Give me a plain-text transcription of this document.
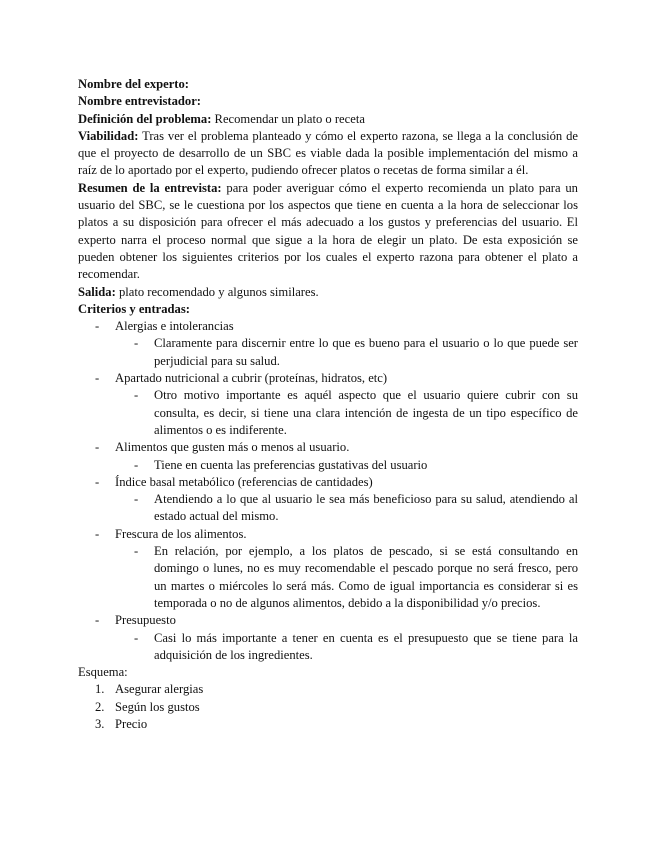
Nombre del experto:

Nombre entrevistador:

Definición del problema: Recomendar un plato o receta

Viabilidad: Tras ver el problema planteado y cómo el experto razona, se llega a la conclusión de que el proyecto de desarrollo de un SBC es viable dada la posible implementación del mismo a raíz de lo aportado por el experto, pudiendo ofrecer platos o recetas de forma similar a él.

Resumen de la entrevista: para poder averiguar cómo el experto recomienda un plato para un usuario del SBC, se le cuestiona por los aspectos que tiene en cuenta a la hora de seleccionar los platos a su disposición para ofrecer el más adecuado a los gustos y preferencias del usuario. El experto narra el proceso normal que sigue a la hora de elegir un plato. De esta exposición se pueden obtener los siguientes criterios por los cuales el experto razona para obtener el plato a recomendar.

Salida: plato recomendado y algunos similares.

Criterios y entradas:

- Alergias e intolerancias
- Claramente para discernir entre lo que es bueno para el usuario o lo que puede ser perjudicial para su salud.
- Apartado nutricional a cubrir (proteínas, hidratos, etc)
- Otro motivo importante es aquél aspecto que el usuario quiere cubrir con su consulta, es decir, si tiene una clara intención de ingesta de un tipo específico de alimentos o es indiferente.
- Alimentos que gusten más o menos al usuario.
- Tiene en cuenta las preferencias gustativas del usuario
- Índice basal metabólico (referencias de cantidades)
- Atendiendo a lo que al usuario le sea más beneficioso para su salud, atendiendo al estado actual del mismo.
- Frescura de los alimentos.
- En relación, por ejemplo, a los platos de pescado, si se está consultando en domingo o lunes, no es muy recomendable el pescado porque no será fresco, pero un martes o miércoles lo será más. Como de igual importancia es considerar si es temporada o no de algunos alimentos, debido a la disponibilidad y/o precios.
- Presupuesto
- Casi lo más importante a tener en cuenta es el presupuesto que se tiene para la adquisición de los ingredientes.

Esquema:

1. Asegurar alergias
2. Según los gustos
3. Precio
